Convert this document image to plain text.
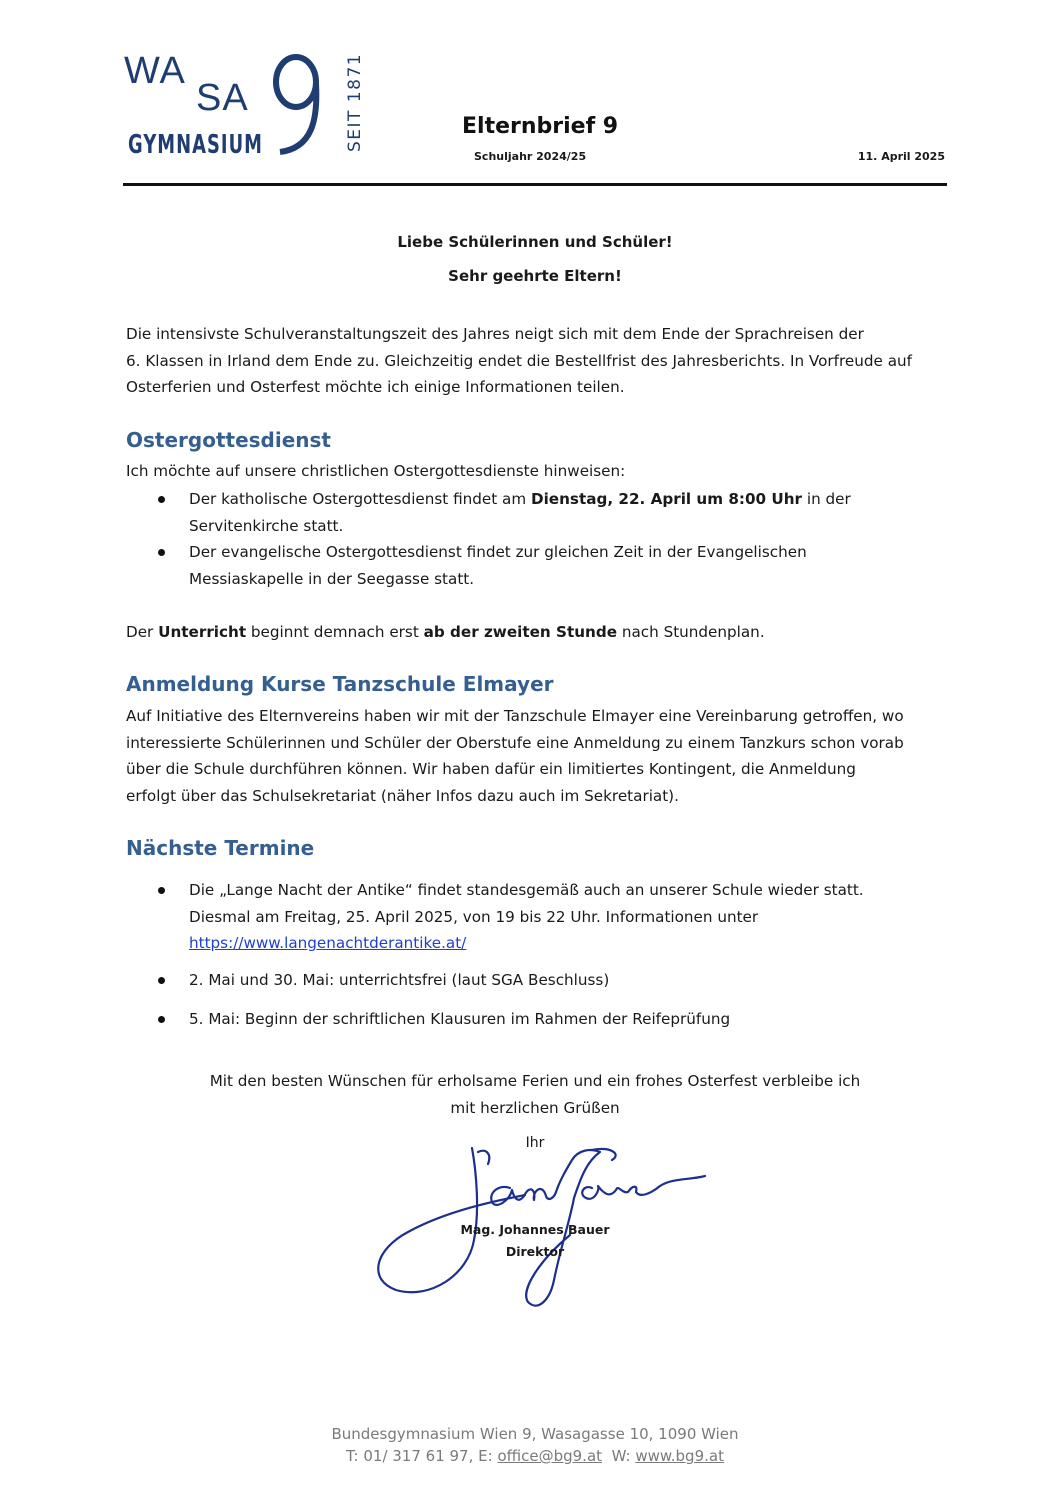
WA
SA
GYMNASIUM	SEIT 1871	Elternbrief 9
Schuljahr 2024/25	11. April 2025
Liebe Schülerinnen und Schüler!
Sehr geehrte Eltern!
Die intensivste Schulveranstaltungszeit des Jahres neigt sich mit dem Ende der Sprachreisen der
6. Klassen in Irland dem Ende zu. Gleichzeitig endet die Bestellfrist des Jahresberichts. In Vorfreude auf
Osterferien und Osterfest möchte ich einige Informationen teilen.
Ostergottesdienst
Ich möchte auf unsere christlichen Ostergottesdienste hinweisen:
Der katholische Ostergottesdienst findet am Dienstag, 22. April um 8:00 Uhr in der
Servitenkirche statt.
Der evangelische Ostergottesdienst findet zur gleichen Zeit in der Evangelischen
Messiaskapelle in der Seegasse statt.
Der Unterricht beginnt demnach erst ab der zweiten Stunde nach Stundenplan.
Anmeldung Kurse Tanzschule Elmayer
Auf Initiative des Elternvereins haben wir mit der Tanzschule Elmayer eine Vereinbarung getroffen, wo
interessierte Schülerinnen und Schüler der Oberstufe eine Anmeldung zu einem Tanzkurs schon vorab
über die Schule durchführen können. Wir haben dafür ein limitiertes Kontingent, die Anmeldung
erfolgt über das Schulsekretariat (näher Infos dazu auch im Sekretariat).
Nächste Termine
Die „Lange Nacht der Antike“ findet standesgemäß auch an unserer Schule wieder statt.
Diesmal am Freitag, 25. April 2025, von 19 bis 22 Uhr. Informationen unter
https://www.langenachtderantike.at/
2. Mai und 30. Mai: unterrichtsfrei (laut SGA Beschluss)
5. Mai: Beginn der schriftlichen Klausuren im Rahmen der Reifeprüfung
Mit den besten Wünschen für erholsame Ferien und ein frohes Osterfest verbleibe ich
mit herzlichen Grüßen
Ihr
Mag. Johannes Bauer
Direktor
Bundesgymnasium Wien 9, Wasagasse 10, 1090 Wien
T: 01/ 317 61 97, E: office@bg9.at  W: www.bg9.at
